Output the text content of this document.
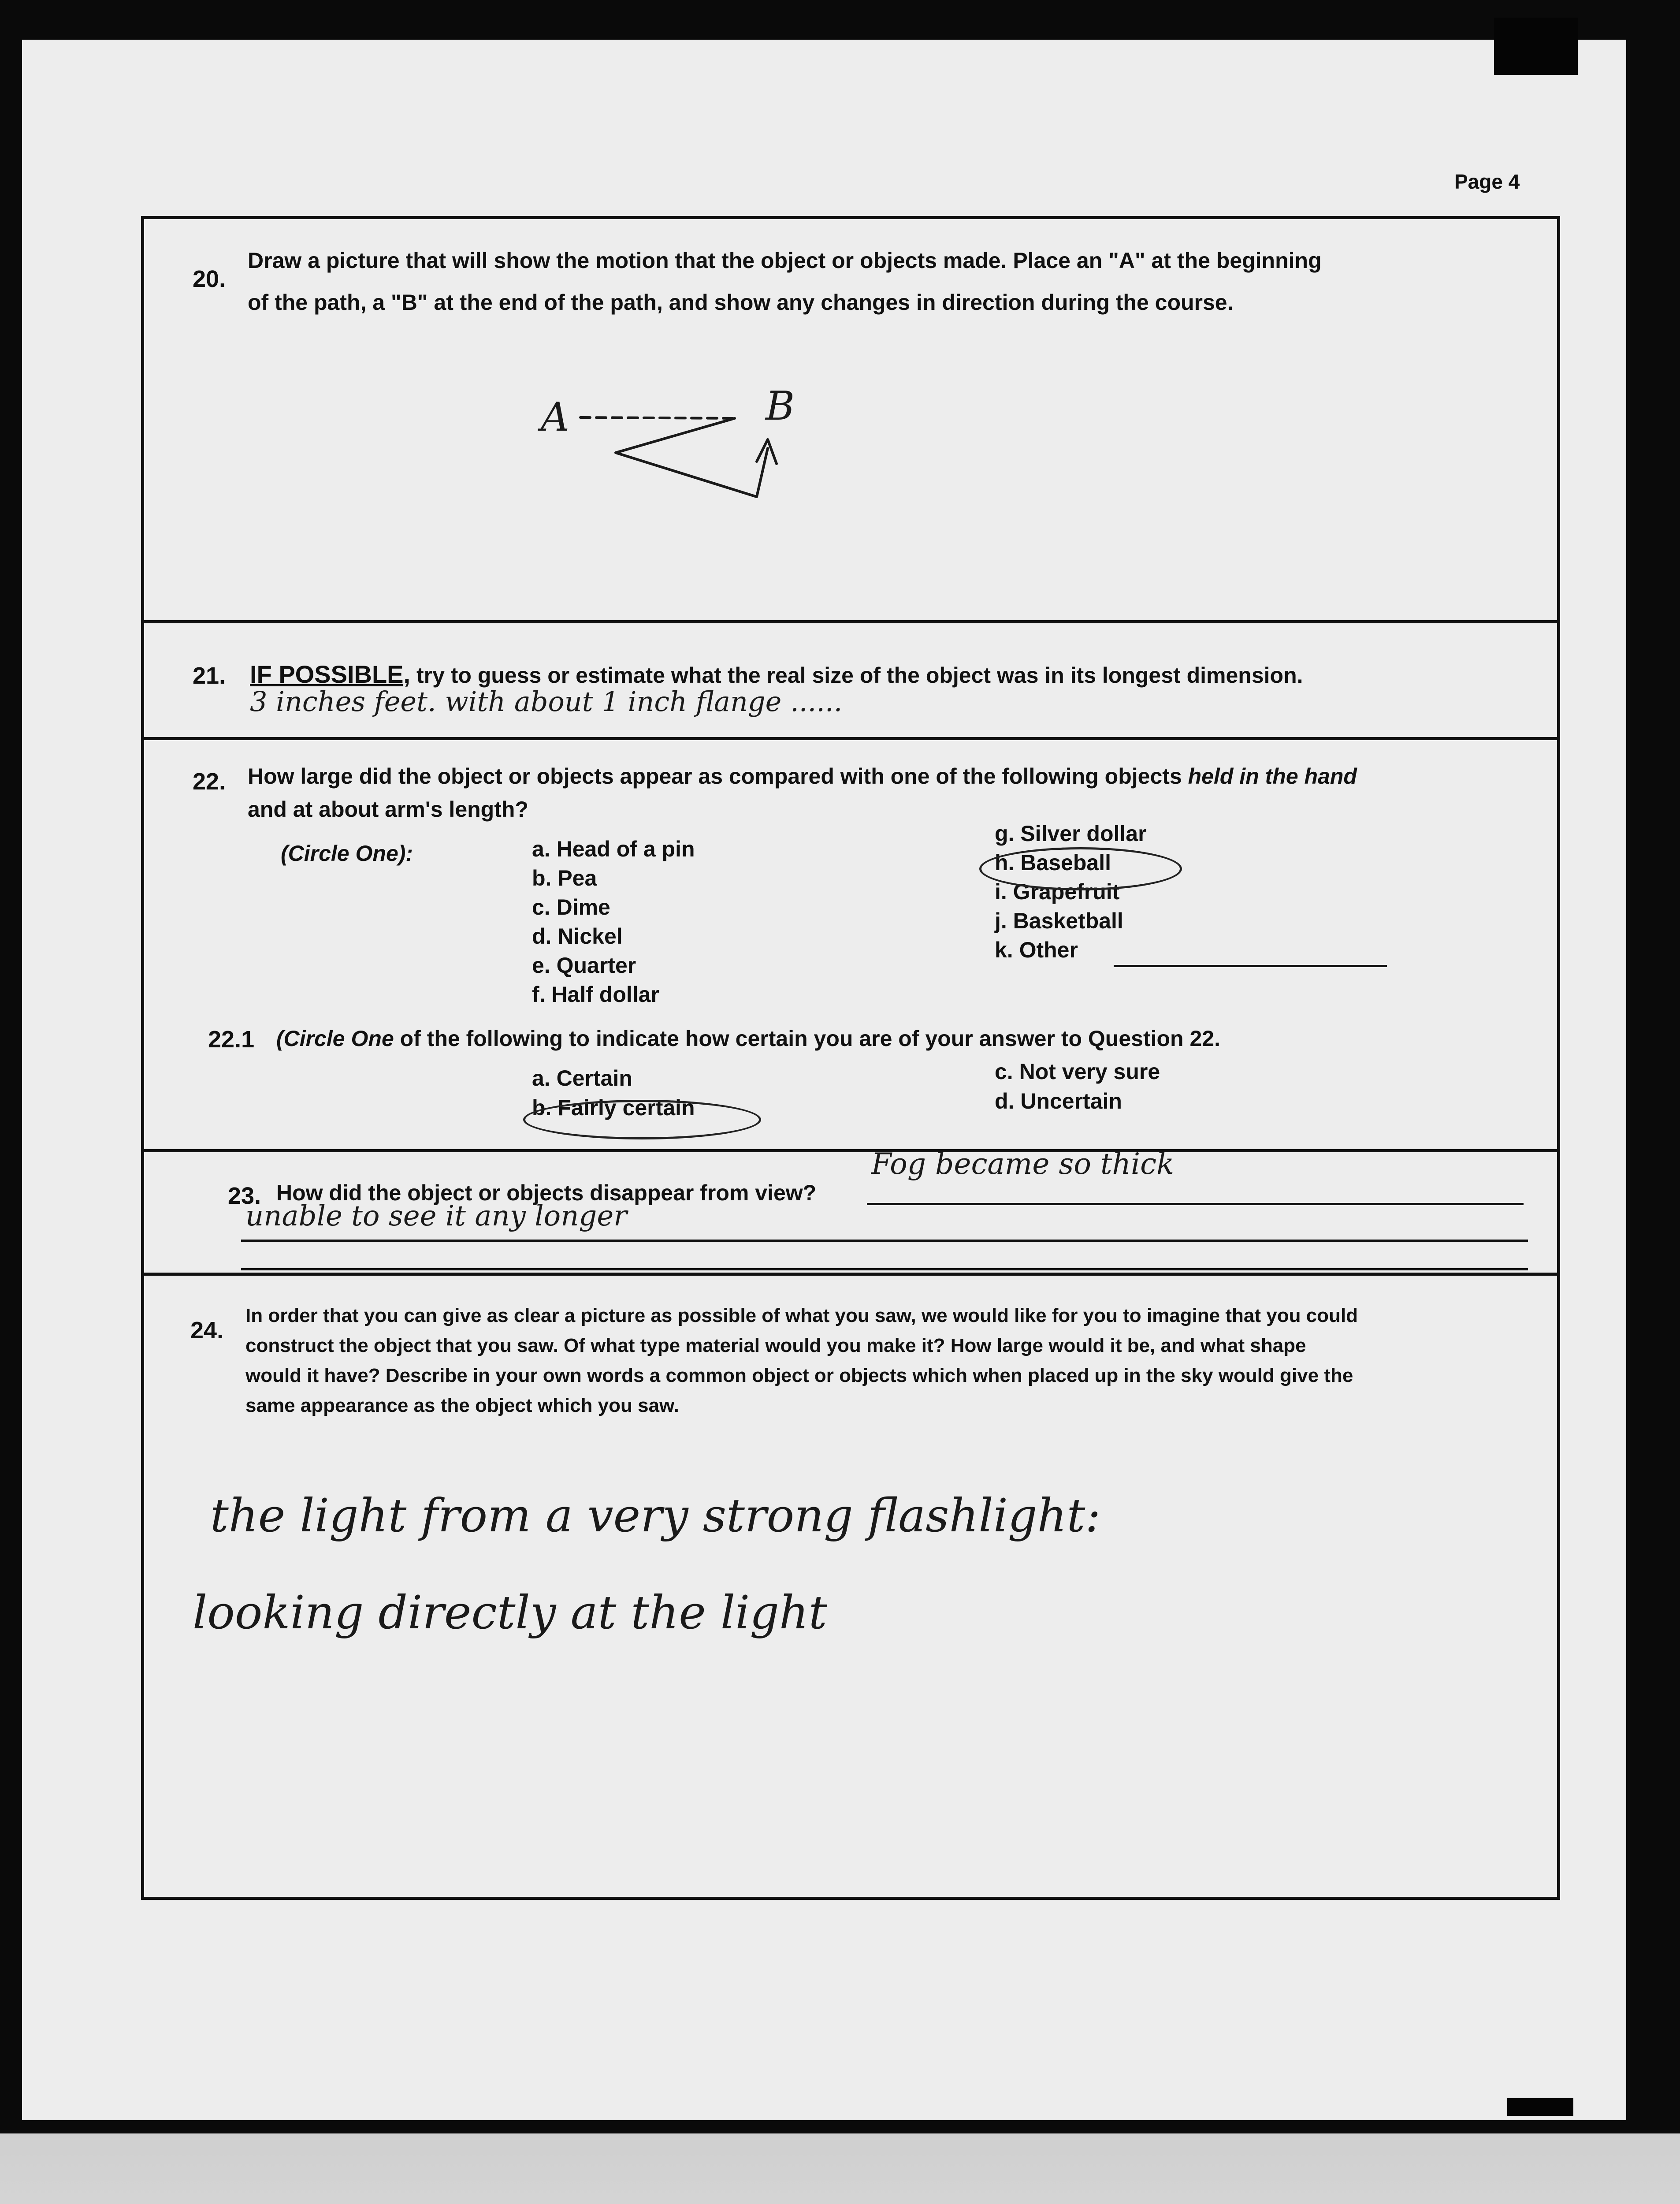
Page 4
20.
Draw a picture that will show the motion that the object or objects made. Place an "A" at the beginning
of the path, a "B" at the end of the path, and show any changes in direction during the course.
A	B
21. IF POSSIBLE, try to guess or estimate what the real size of the object was in its longest dimension.
3 inches feet. with about 1 inch flange ......
22. How large did the object or objects appear as compared with one of the following objects held in the hand
and at about arm's length?
(Circle One):	a. Head of a pin
b. Pea
c. Dime
d. Nickel
e. Quarter
f. Half dollar
g. Silver dollar
h. Baseball
i. Grapefruit
j. Basketball
k. Other
22.1 (Circle One of the following to indicate how certain you are of your answer to Question 22.
a. Certain
b. Fairly certain
c. Not very sure
d. Uncertain
23. How did the object or objects disappear from view?
Fog became so thick
unable to see it any longer
24.
In order that you can give as clear a picture as possible of what you saw, we would like for you to imagine that you could
construct the object that you saw. Of what type material would you make it? How large would it be, and what shape
would it have? Describe in your own words a common object or objects which when placed up in the sky would give the
same appearance as the object which you saw.
the light from a very strong flashlight:
looking directly at the light
